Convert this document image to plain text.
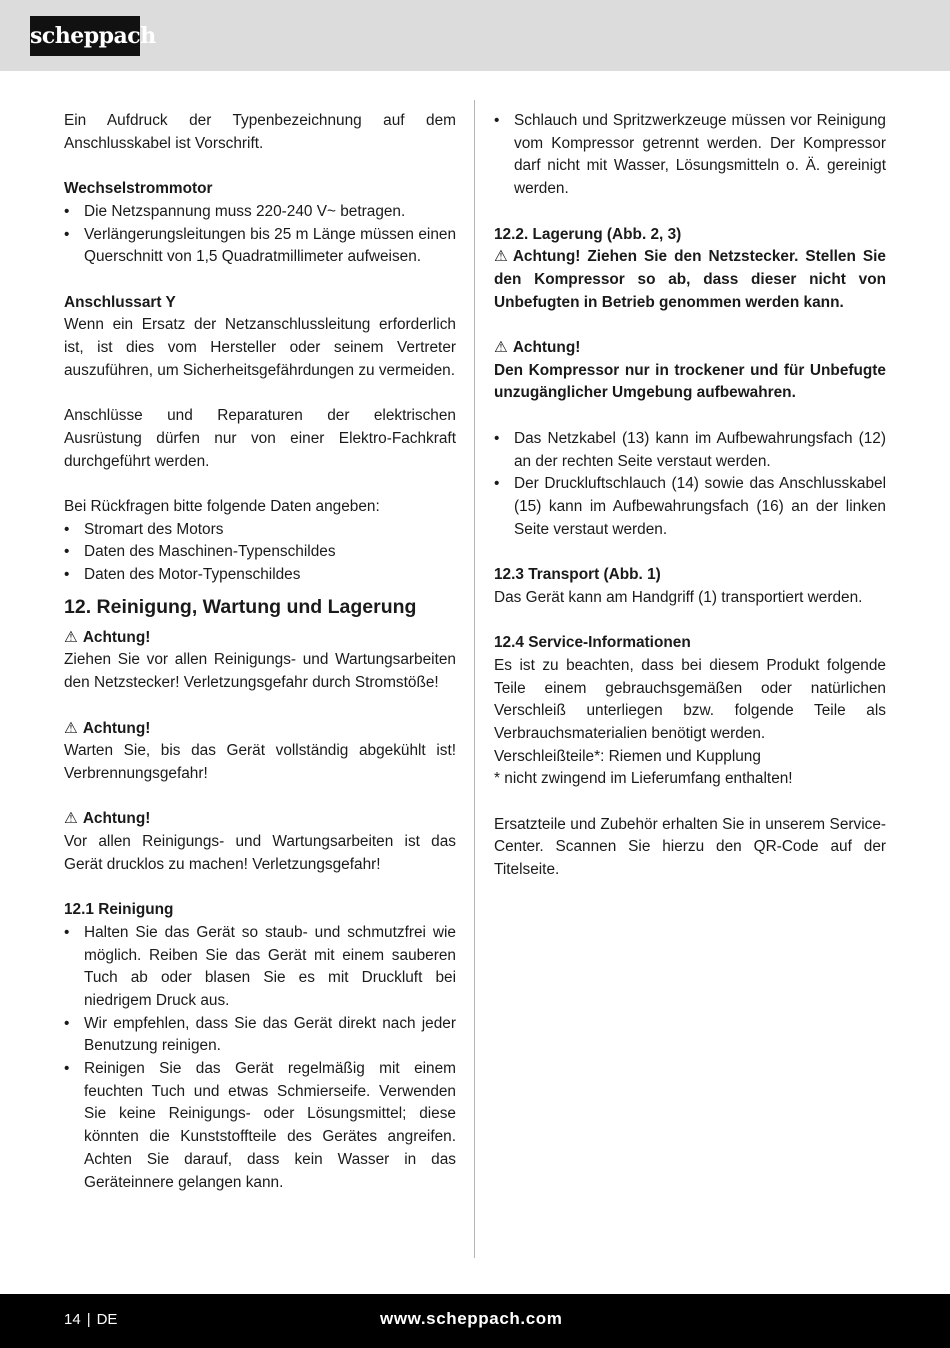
scheppach

Ein Aufdruck der Typenbezeichnung auf dem Anschlusskabel ist Vorschrift.

Wechselstrommotor

• Die Netzspannung muss 220-240 V~ betragen.
• Verlängerungsleitungen bis 25 m Länge müssen einen Querschnitt von 1,5 Quadratmillimeter aufweisen.

Anschlussart Y

Wenn ein Ersatz der Netzanschlussleitung erforderlich ist, ist dies vom Hersteller oder seinem Vertreter auszuführen, um Sicherheitsgefährdungen zu vermeiden.

Anschlüsse und Reparaturen der elektrischen Ausrüstung dürfen nur von einer Elektro-Fachkraft durchgeführt werden.

Bei Rückfragen bitte folgende Daten angeben:

• Stromart des Motors
• Daten des Maschinen-Typenschildes
• Daten des Motor-Typenschildes
12. Reinigung, Wartung und Lagerung

⚠ Achtung!

Ziehen Sie vor allen Reinigungs- und Wartungsarbeiten den Netzstecker! Verletzungsgefahr durch Stromstöße!

⚠ Achtung!

Warten Sie, bis das Gerät vollständig abgekühlt ist! Verbrennungsgefahr!

⚠ Achtung!

Vor allen Reinigungs- und Wartungsarbeiten ist das Gerät drucklos zu machen! Verletzungsgefahr!

12.1 Reinigung

• Halten Sie das Gerät so staub- und schmutzfrei wie möglich. Reiben Sie das Gerät mit einem sauberen Tuch ab oder blasen Sie es mit Druckluft bei niedrigem Druck aus.
• Wir empfehlen, dass Sie das Gerät direkt nach jeder Benutzung reinigen.
• Reinigen Sie das Gerät regelmäßig mit einem feuchten Tuch und etwas Schmierseife. Verwenden Sie keine Reinigungs- oder Lösungsmittel; diese könnten die Kunststoffteile des Gerätes angreifen. Achten Sie darauf, dass kein Wasser in das Geräteinnere gelangen kann.
• Schlauch und Spritzwerkzeuge müssen vor Reinigung vom Kompressor getrennt werden. Der Kompressor darf nicht mit Wasser, Lösungsmitteln o. Ä. gereinigt werden.

12.2. Lagerung (Abb. 2, 3)

⚠ Achtung! Ziehen Sie den Netzstecker. Stellen Sie den Kompressor so ab, dass dieser nicht von Unbefugten in Betrieb genommen werden kann.

⚠ Achtung!

Den Kompressor nur in trockener und für Unbefugte unzugänglicher Umgebung aufbewahren.

• Das Netzkabel (13) kann im Aufbewahrungsfach (12) an der rechten Seite verstaut werden.
• Der Druckluftschlauch (14) sowie das Anschlusskabel (15) kann im Aufbewahrungsfach (16) an der linken Seite verstaut werden.

12.3 Transport (Abb. 1)

Das Gerät kann am Handgriff (1) transportiert werden.

12.4 Service-Informationen

Es ist zu beachten, dass bei diesem Produkt folgende Teile einem gebrauchsgemäßen oder natürlichen Verschleiß unterliegen bzw. folgende Teile als Verbrauchsmaterialien benötigt werden.

Verschleißteile*: Riemen und Kupplung

* nicht zwingend im Lieferumfang enthalten!

Ersatzteile und Zubehör erhalten Sie in unserem Service-Center. Scannen Sie hierzu den QR-Code auf der Titelseite.

14 | DE	www.scheppach.com
